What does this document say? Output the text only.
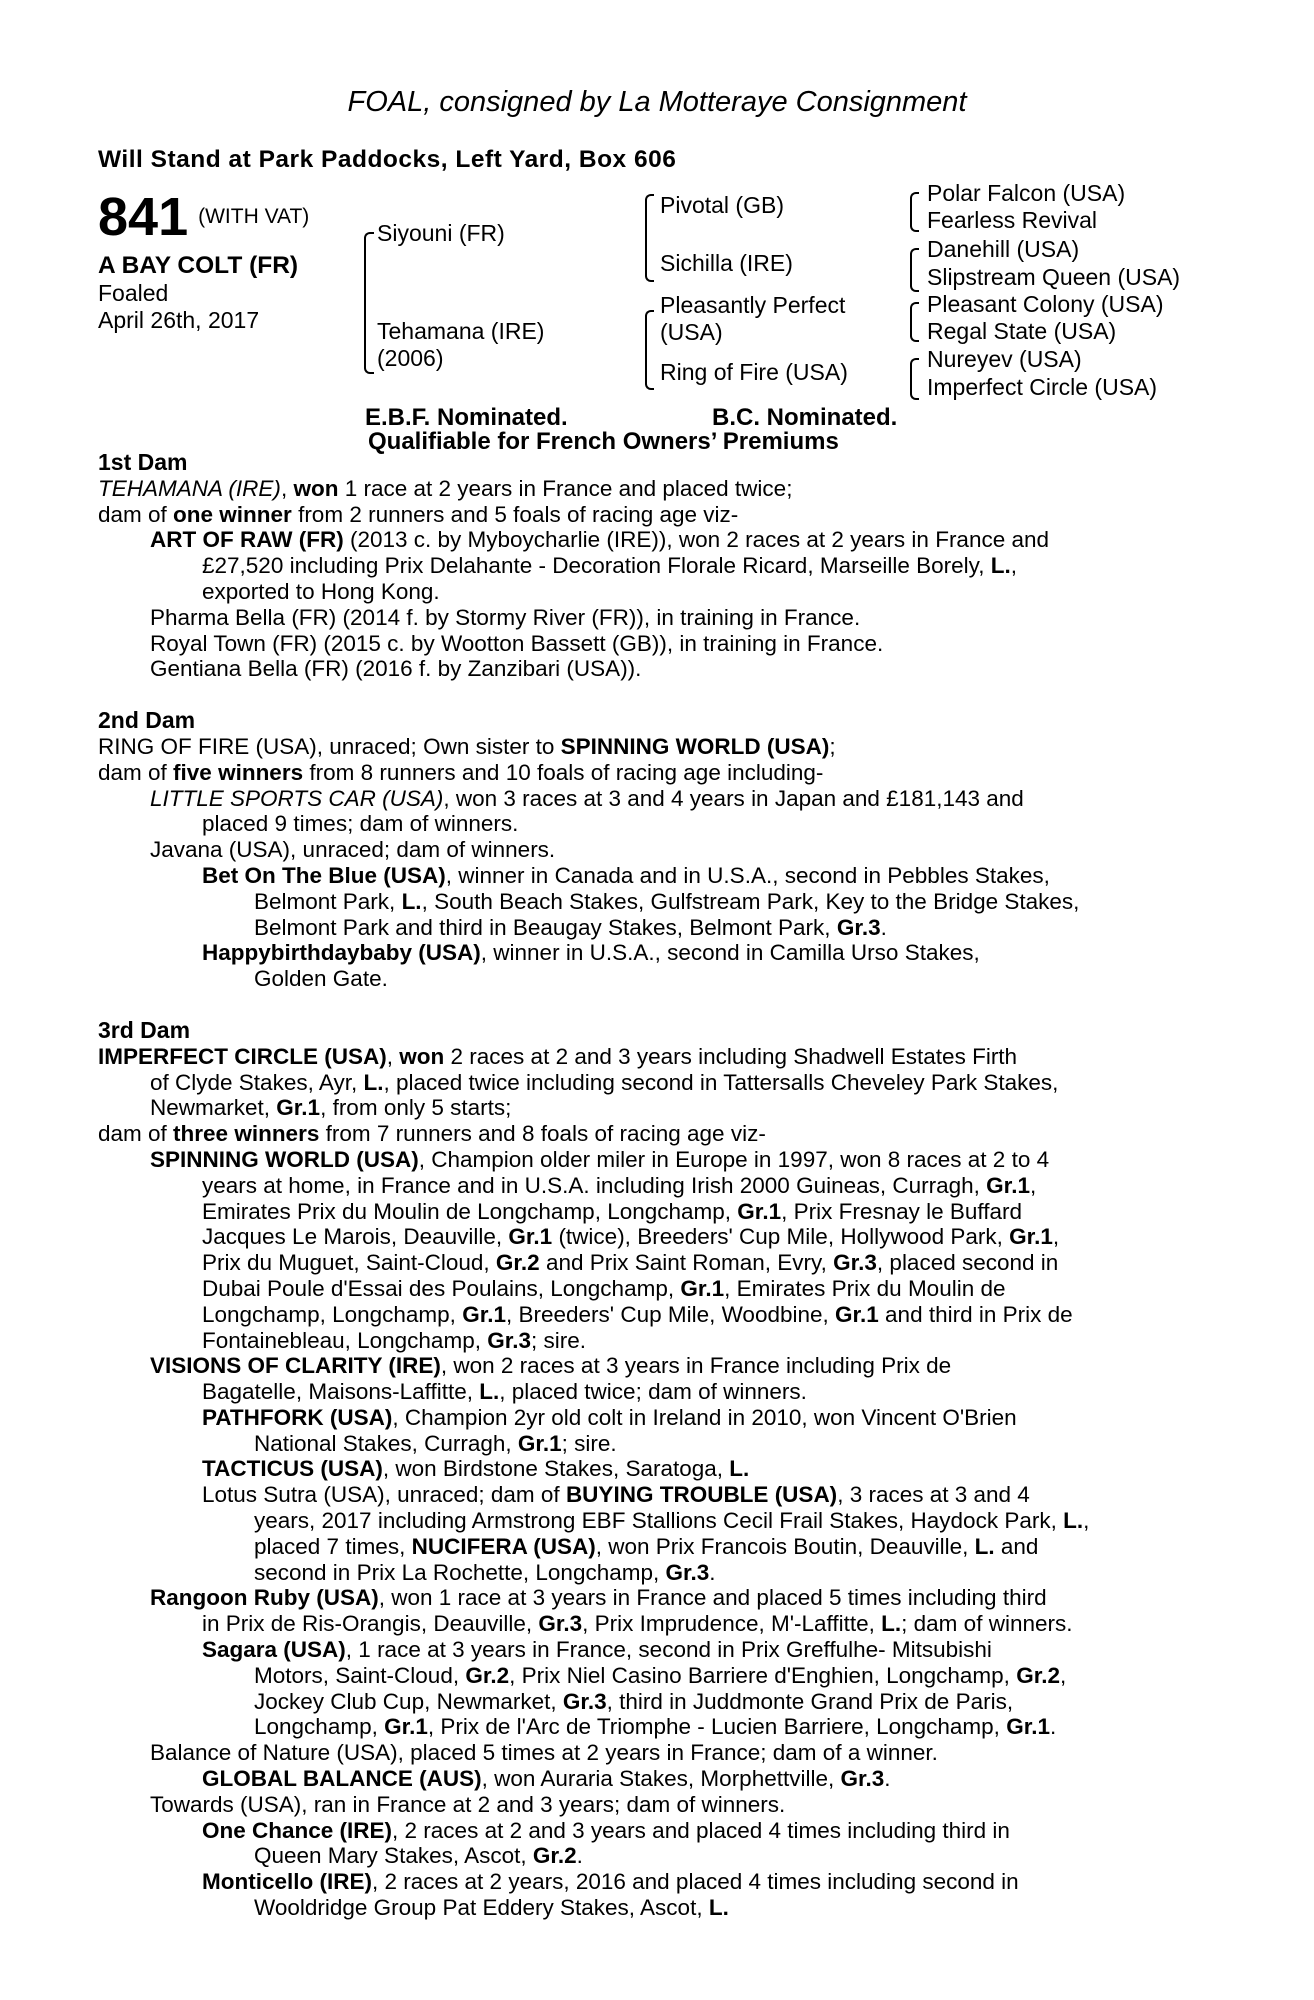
FOAL, consigned by La Motteraye Consignment
Will Stand at Park Paddocks, Left Yard, Box 606
841 (WITH VAT)
A BAY COLT (FR)
Foaled
April 26th, 2017
Siyouni (FR)
Tehamana (IRE)
(2006)
Pivotal (GB)
Sichilla (IRE)
Pleasantly Perfect
(USA)
Ring of Fire (USA)
Polar Falcon (USA)
Fearless Revival
Danehill (USA)
Slipstream Queen (USA)
Pleasant Colony (USA)
Regal State (USA)
Nureyev (USA)
Imperfect Circle (USA)
E.B.F. Nominated.	B.C. Nominated.
Qualifiable for French Owners’ Premiums

1st Dam

TEHAMANA (IRE), won 1 race at 2 years in France and placed twice;

dam of one winner from 2 runners and 5 foals of racing age viz-

ART OF RAW (FR) (2013 c. by Myboycharlie (IRE)), won 2 races at 2 years in France and
£27,520 including Prix Delahante - Decoration Florale Ricard, Marseille Borely, L.,
exported to Hong Kong.

Pharma Bella (FR) (2014 f. by Stormy River (FR)), in training in France.

Royal Town (FR) (2015 c. by Wootton Bassett (GB)), in training in France.

Gentiana Bella (FR) (2016 f. by Zanzibari (USA)).

2nd Dam

RING OF FIRE (USA), unraced; Own sister to SPINNING WORLD (USA);

dam of five winners from 8 runners and 10 foals of racing age including-

LITTLE SPORTS CAR (USA), won 3 races at 3 and 4 years in Japan and £181,143 and
placed 9 times; dam of winners.

Javana (USA), unraced; dam of winners.

Bet On The Blue (USA), winner in Canada and in U.S.A., second in Pebbles Stakes,
Belmont Park, L., South Beach Stakes, Gulfstream Park, Key to the Bridge Stakes,
Belmont Park and third in Beaugay Stakes, Belmont Park, Gr.3.

Happybirthdaybaby (USA), winner in U.S.A., second in Camilla Urso Stakes,
Golden Gate.

3rd Dam

IMPERFECT CIRCLE (USA), won 2 races at 2 and 3 years including Shadwell Estates Firth
of Clyde Stakes, Ayr, L., placed twice including second in Tattersalls Cheveley Park Stakes,
Newmarket, Gr.1, from only 5 starts;

dam of three winners from 7 runners and 8 foals of racing age viz-

SPINNING WORLD (USA), Champion older miler in Europe in 1997, won 8 races at 2 to 4
years at home, in France and in U.S.A. including Irish 2000 Guineas, Curragh, Gr.1,
Emirates Prix du Moulin de Longchamp, Longchamp, Gr.1, Prix Fresnay le Buffard
Jacques Le Marois, Deauville, Gr.1 (twice), Breeders' Cup Mile, Hollywood Park, Gr.1,
Prix du Muguet, Saint-Cloud, Gr.2 and Prix Saint Roman, Evry, Gr.3, placed second in
Dubai Poule d'Essai des Poulains, Longchamp, Gr.1, Emirates Prix du Moulin de
Longchamp, Longchamp, Gr.1, Breeders' Cup Mile, Woodbine, Gr.1 and third in Prix de
Fontainebleau, Longchamp, Gr.3; sire.

VISIONS OF CLARITY (IRE), won 2 races at 3 years in France including Prix de
Bagatelle, Maisons-Laffitte, L., placed twice; dam of winners.

PATHFORK (USA), Champion 2yr old colt in Ireland in 2010, won Vincent O'Brien
National Stakes, Curragh, Gr.1; sire.

TACTICUS (USA), won Birdstone Stakes, Saratoga, L.

Lotus Sutra (USA), unraced; dam of BUYING TROUBLE (USA), 3 races at 3 and 4
years, 2017 including Armstrong EBF Stallions Cecil Frail Stakes, Haydock Park, L.,
placed 7 times, NUCIFERA (USA), won Prix Francois Boutin, Deauville, L. and
second in Prix La Rochette, Longchamp, Gr.3.

Rangoon Ruby (USA), won 1 race at 3 years in France and placed 5 times including third
in Prix de Ris-Orangis, Deauville, Gr.3, Prix Imprudence, M'-Laffitte, L.; dam of winners.

Sagara (USA), 1 race at 3 years in France, second in Prix Greffulhe- Mitsubishi
Motors, Saint-Cloud, Gr.2, Prix Niel Casino Barriere d'Enghien, Longchamp, Gr.2,
Jockey Club Cup, Newmarket, Gr.3, third in Juddmonte Grand Prix de Paris,
Longchamp, Gr.1, Prix de l'Arc de Triomphe - Lucien Barriere, Longchamp, Gr.1.

Balance of Nature (USA), placed 5 times at 2 years in France; dam of a winner.

GLOBAL BALANCE (AUS), won Auraria Stakes, Morphettville, Gr.3.

Towards (USA), ran in France at 2 and 3 years; dam of winners.

One Chance (IRE), 2 races at 2 and 3 years and placed 4 times including third in
Queen Mary Stakes, Ascot, Gr.2.

Monticello (IRE), 2 races at 2 years, 2016 and placed 4 times including second in
Wooldridge Group Pat Eddery Stakes, Ascot, L.
